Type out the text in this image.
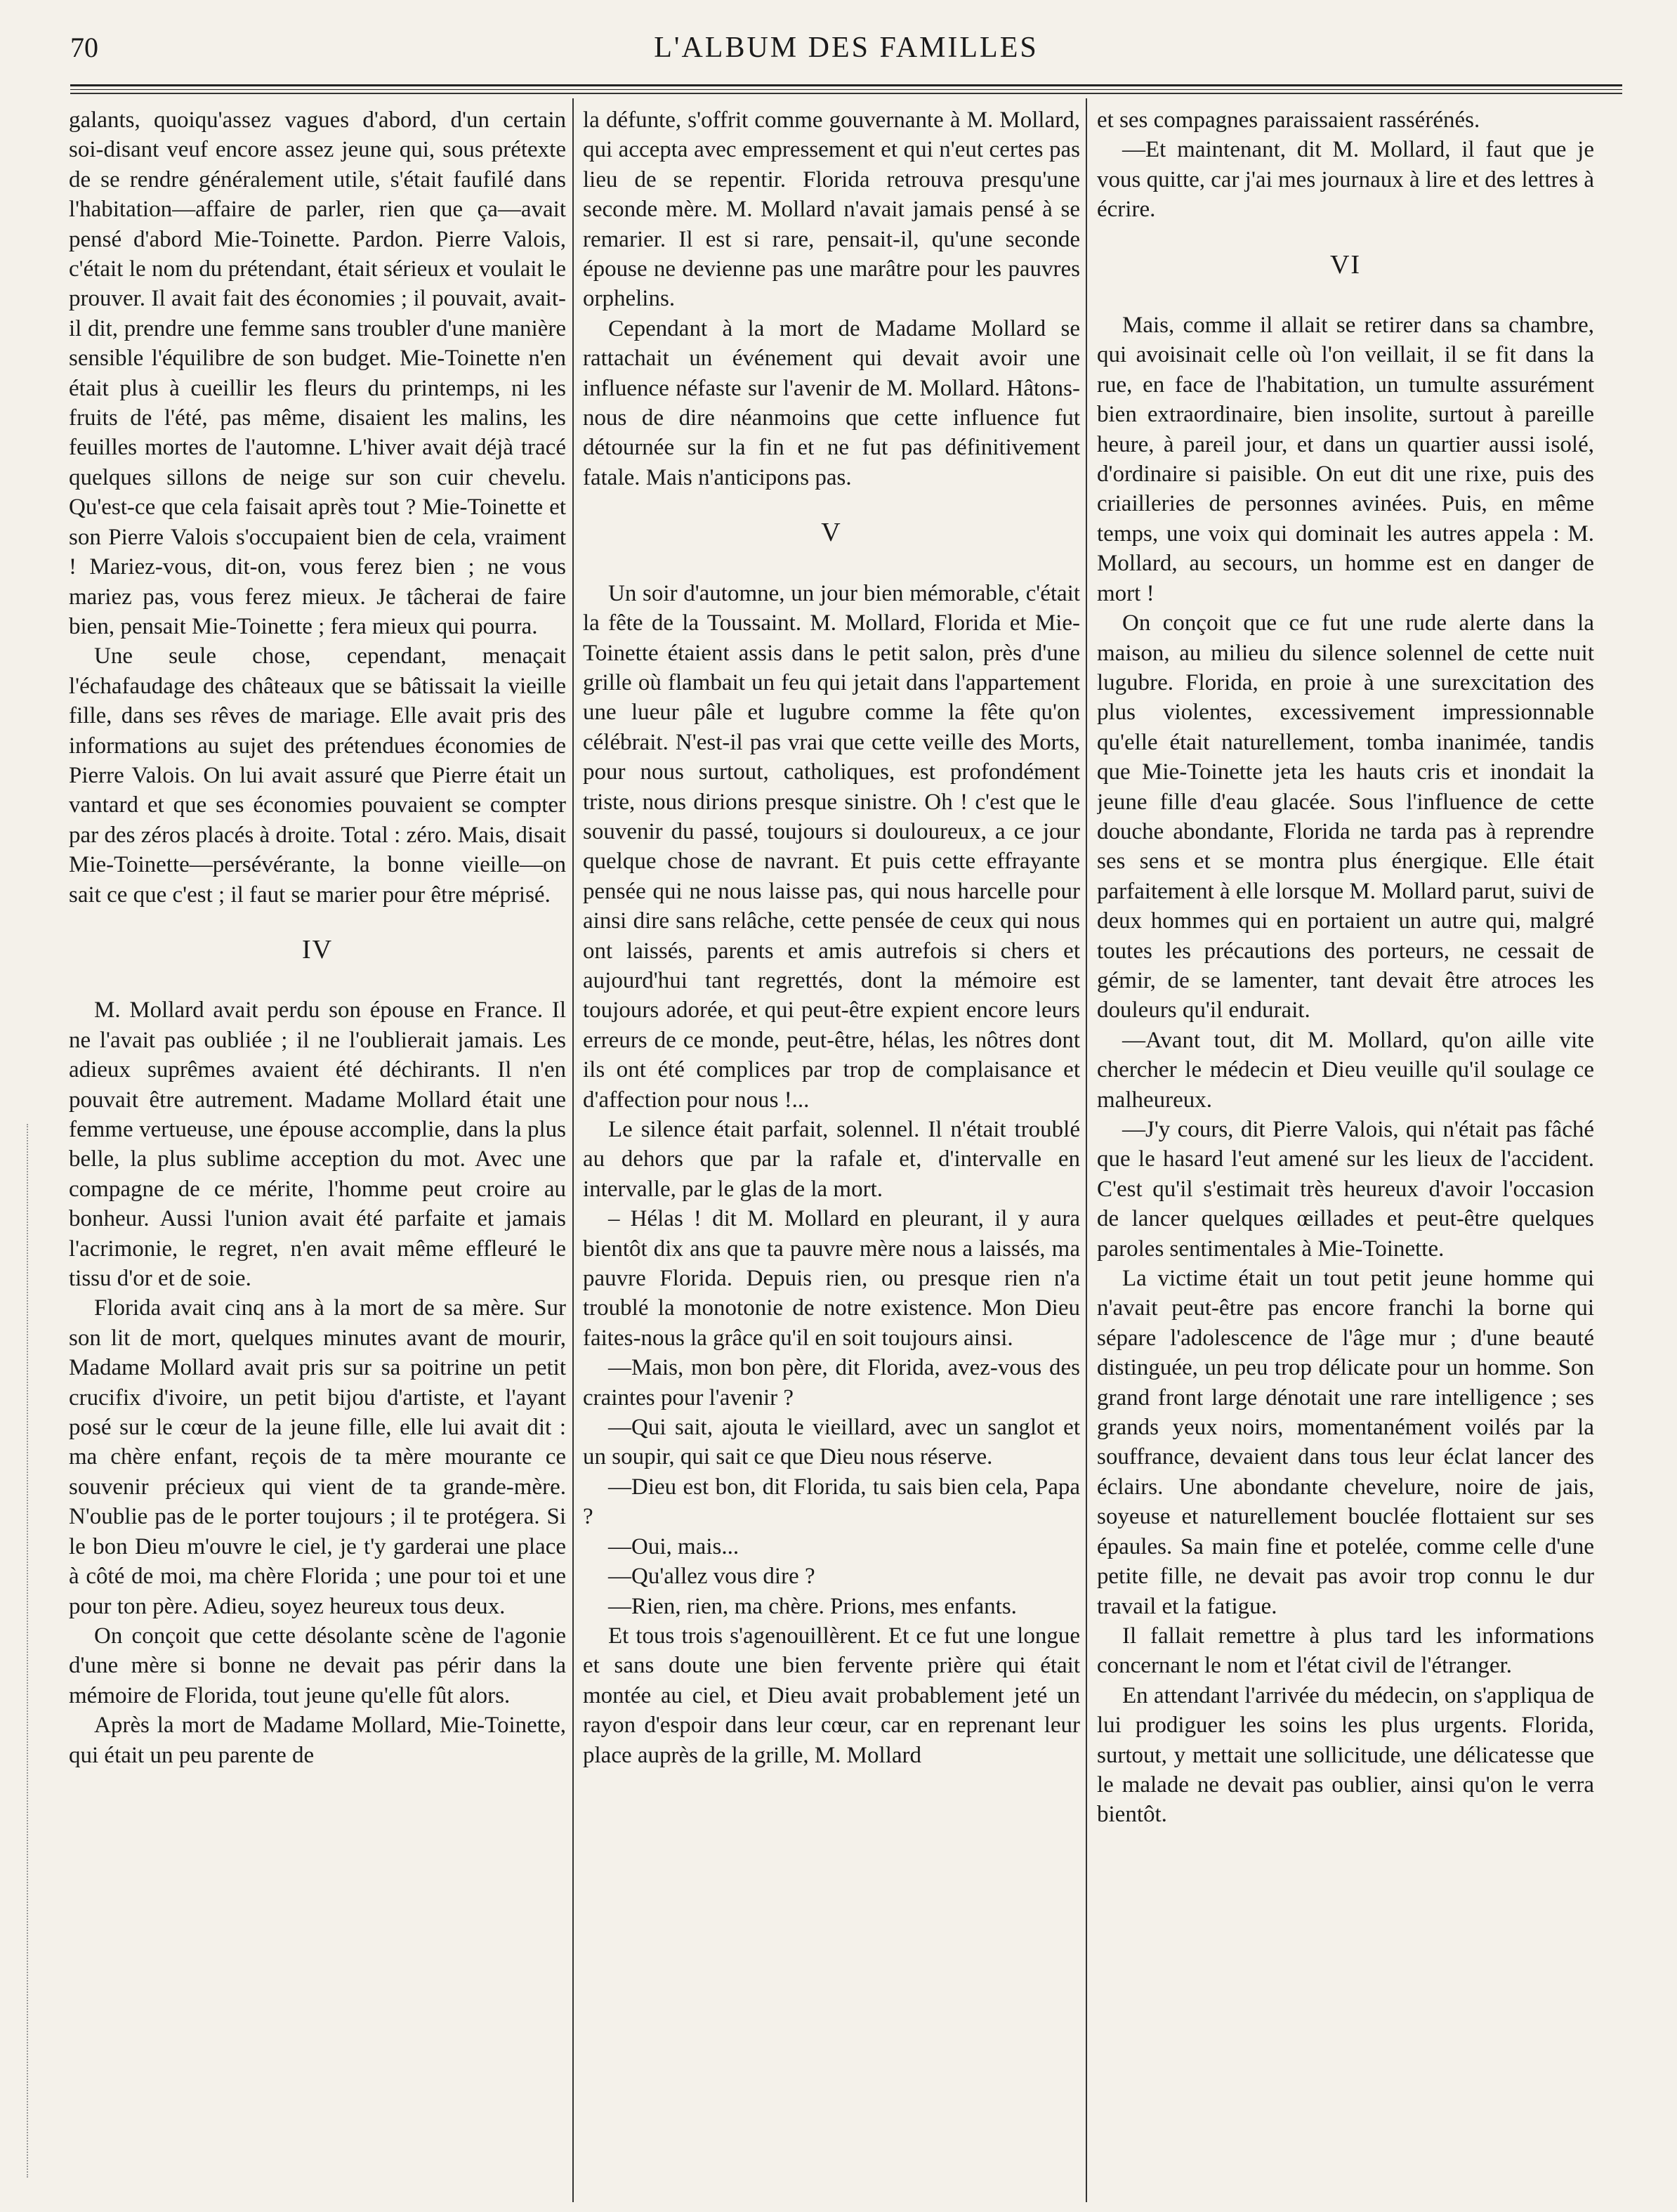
70	L'ALBUM DES FAMILLES

galants, quoiqu'assez vagues d'abord, d'un certain soi-disant veuf encore assez jeune qui, sous prétexte de se rendre généralement utile, s'était faufilé dans l'habitation—affaire de parler, rien que ça—avait pensé d'abord Mie-Toinette. Pardon. Pierre Valois, c'était le nom du prétendant, était sérieux et voulait le prouver. Il avait fait des économies ; il pouvait, avait-il dit, prendre une femme sans troubler d'une manière sensible l'équilibre de son budget. Mie-Toinette n'en était plus à cueillir les fleurs du printemps, ni les fruits de l'été, pas même, disaient les malins, les feuilles mortes de l'automne. L'hiver avait déjà tracé quelques sillons de neige sur son cuir chevelu. Qu'est-ce que cela faisait après tout ? Mie-Toinette et son Pierre Valois s'occupaient bien de cela, vraiment ! Mariez-vous, dit-on, vous ferez bien ; ne vous mariez pas, vous ferez mieux. Je tâcherai de faire bien, pensait Mie-Toinette ; fera mieux qui pourra.

Une seule chose, cependant, menaçait l'échafaudage des châteaux que se bâtissait la vieille fille, dans ses rêves de mariage. Elle avait pris des informations au sujet des prétendues économies de Pierre Valois. On lui avait assuré que Pierre était un vantard et que ses économies pouvaient se compter par des zéros placés à droite. Total : zéro. Mais, disait Mie-Toinette—persévérante, la bonne vieille—on sait ce que c'est ; il faut se marier pour être méprisé.

IV

M. Mollard avait perdu son épouse en France. Il ne l'avait pas oubliée ; il ne l'oublierait jamais. Les adieux suprêmes avaient été déchirants. Il n'en pouvait être autrement. Madame Mollard était une femme vertueuse, une épouse accomplie, dans la plus belle, la plus sublime acception du mot. Avec une compagne de ce mérite, l'homme peut croire au bonheur. Aussi l'union avait été parfaite et jamais l'acrimonie, le regret, n'en avait même effleuré le tissu d'or et de soie.

Florida avait cinq ans à la mort de sa mère. Sur son lit de mort, quelques minutes avant de mourir, Madame Mollard avait pris sur sa poitrine un petit crucifix d'ivoire, un petit bijou d'artiste, et l'ayant posé sur le cœur de la jeune fille, elle lui avait dit : ma chère enfant, reçois de ta mère mourante ce souvenir précieux qui vient de ta grande-mère. N'oublie pas de le porter toujours ; il te protégera. Si le bon Dieu m'ouvre le ciel, je t'y garderai une place à côté de moi, ma chère Florida ; une pour toi et une pour ton père. Adieu, soyez heureux tous deux.

On conçoit que cette désolante scène de l'agonie d'une mère si bonne ne devait pas périr dans la mémoire de Florida, tout jeune qu'elle fût alors.

Après la mort de Madame Mollard, Mie-Toinette, qui était un peu parente de

la défunte, s'offrit comme gouvernante à M. Mollard, qui accepta avec empressement et qui n'eut certes pas lieu de se repentir. Florida retrouva presqu'une seconde mère. M. Mollard n'avait jamais pensé à se remarier. Il est si rare, pensait-il, qu'une seconde épouse ne devienne pas une marâtre pour les pauvres orphelins.

Cependant à la mort de Madame Mollard se rattachait un événement qui devait avoir une influence néfaste sur l'avenir de M. Mollard. Hâtons-nous de dire néanmoins que cette influence fut détournée sur la fin et ne fut pas définitivement fatale. Mais n'anticipons pas.

V

Un soir d'automne, un jour bien mémorable, c'était la fête de la Toussaint. M. Mollard, Florida et Mie-Toinette étaient assis dans le petit salon, près d'une grille où flambait un feu qui jetait dans l'appartement une lueur pâle et lugubre comme la fête qu'on célébrait. N'est-il pas vrai que cette veille des Morts, pour nous surtout, catholiques, est profondément triste, nous dirions presque sinistre. Oh ! c'est que le souvenir du passé, toujours si douloureux, a ce jour quelque chose de navrant. Et puis cette effrayante pensée qui ne nous laisse pas, qui nous harcelle pour ainsi dire sans relâche, cette pensée de ceux qui nous ont laissés, parents et amis autrefois si chers et aujourd'hui tant regrettés, dont la mémoire est toujours adorée, et qui peut-être expient encore leurs erreurs de ce monde, peut-être, hélas, les nôtres dont ils ont été complices par trop de complaisance et d'affection pour nous !...

Le silence était parfait, solennel. Il n'était troublé au dehors que par la rafale et, d'intervalle en intervalle, par le glas de la mort.

– Hélas ! dit M. Mollard en pleurant, il y aura bientôt dix ans que ta pauvre mère nous a laissés, ma pauvre Florida. Depuis rien, ou presque rien n'a troublé la monotonie de notre existence. Mon Dieu faites-nous la grâce qu'il en soit toujours ainsi.

—Mais, mon bon père, dit Florida, avez-vous des craintes pour l'avenir ?

—Qui sait, ajouta le vieillard, avec un sanglot et un soupir, qui sait ce que Dieu nous réserve.

—Dieu est bon, dit Florida, tu sais bien cela, Papa ?

—Oui, mais...

—Qu'allez vous dire ?

—Rien, rien, ma chère. Prions, mes enfants.

Et tous trois s'agenouillèrent. Et ce fut une longue et sans doute une bien fervente prière qui était montée au ciel, et Dieu avait probablement jeté un rayon d'espoir dans leur cœur, car en reprenant leur place auprès de la grille, M. Mollard

et ses compagnes paraissaient rassérénés.

—Et maintenant, dit M. Mollard, il faut que je vous quitte, car j'ai mes journaux à lire et des lettres à écrire.

VI

Mais, comme il allait se retirer dans sa chambre, qui avoisinait celle où l'on veillait, il se fit dans la rue, en face de l'habitation, un tumulte assurément bien extraordinaire, bien insolite, surtout à pareille heure, à pareil jour, et dans un quartier aussi isolé, d'ordinaire si paisible. On eut dit une rixe, puis des criailleries de personnes avinées. Puis, en même temps, une voix qui dominait les autres appela : M. Mollard, au secours, un homme est en danger de mort !

On conçoit que ce fut une rude alerte dans la maison, au milieu du silence solennel de cette nuit lugubre. Florida, en proie à une surexcitation des plus violentes, excessivement impressionnable qu'elle était naturellement, tomba inanimée, tandis que Mie-Toinette jeta les hauts cris et inondait la jeune fille d'eau glacée. Sous l'influence de cette douche abondante, Florida ne tarda pas à reprendre ses sens et se montra plus énergique. Elle était parfaitement à elle lorsque M. Mollard parut, suivi de deux hommes qui en portaient un autre qui, malgré toutes les précautions des porteurs, ne cessait de gémir, de se lamenter, tant devait être atroces les douleurs qu'il endurait.

—Avant tout, dit M. Mollard, qu'on aille vite chercher le médecin et Dieu veuille qu'il soulage ce malheureux.

—J'y cours, dit Pierre Valois, qui n'était pas fâché que le hasard l'eut amené sur les lieux de l'accident. C'est qu'il s'estimait très heureux d'avoir l'occasion de lancer quelques œillades et peut-être quelques paroles sentimentales à Mie-Toinette.

La victime était un tout petit jeune homme qui n'avait peut-être pas encore franchi la borne qui sépare l'adolescence de l'âge mur ; d'une beauté distinguée, un peu trop délicate pour un homme. Son grand front large dénotait une rare intelligence ; ses grands yeux noirs, momentanément voilés par la souffrance, devaient dans tous leur éclat lancer des éclairs. Une abondante chevelure, noire de jais, soyeuse et naturellement bouclée flottaient sur ses épaules. Sa main fine et potelée, comme celle d'une petite fille, ne devait pas avoir trop connu le dur travail et la fatigue.

Il fallait remettre à plus tard les informations concernant le nom et l'état civil de l'étranger.

En attendant l'arrivée du médecin, on s'appliqua de lui prodiguer les soins les plus urgents. Florida, surtout, y mettait une sollicitude, une délicatesse que le malade ne devait pas oublier, ainsi qu'on le verra bientôt.
